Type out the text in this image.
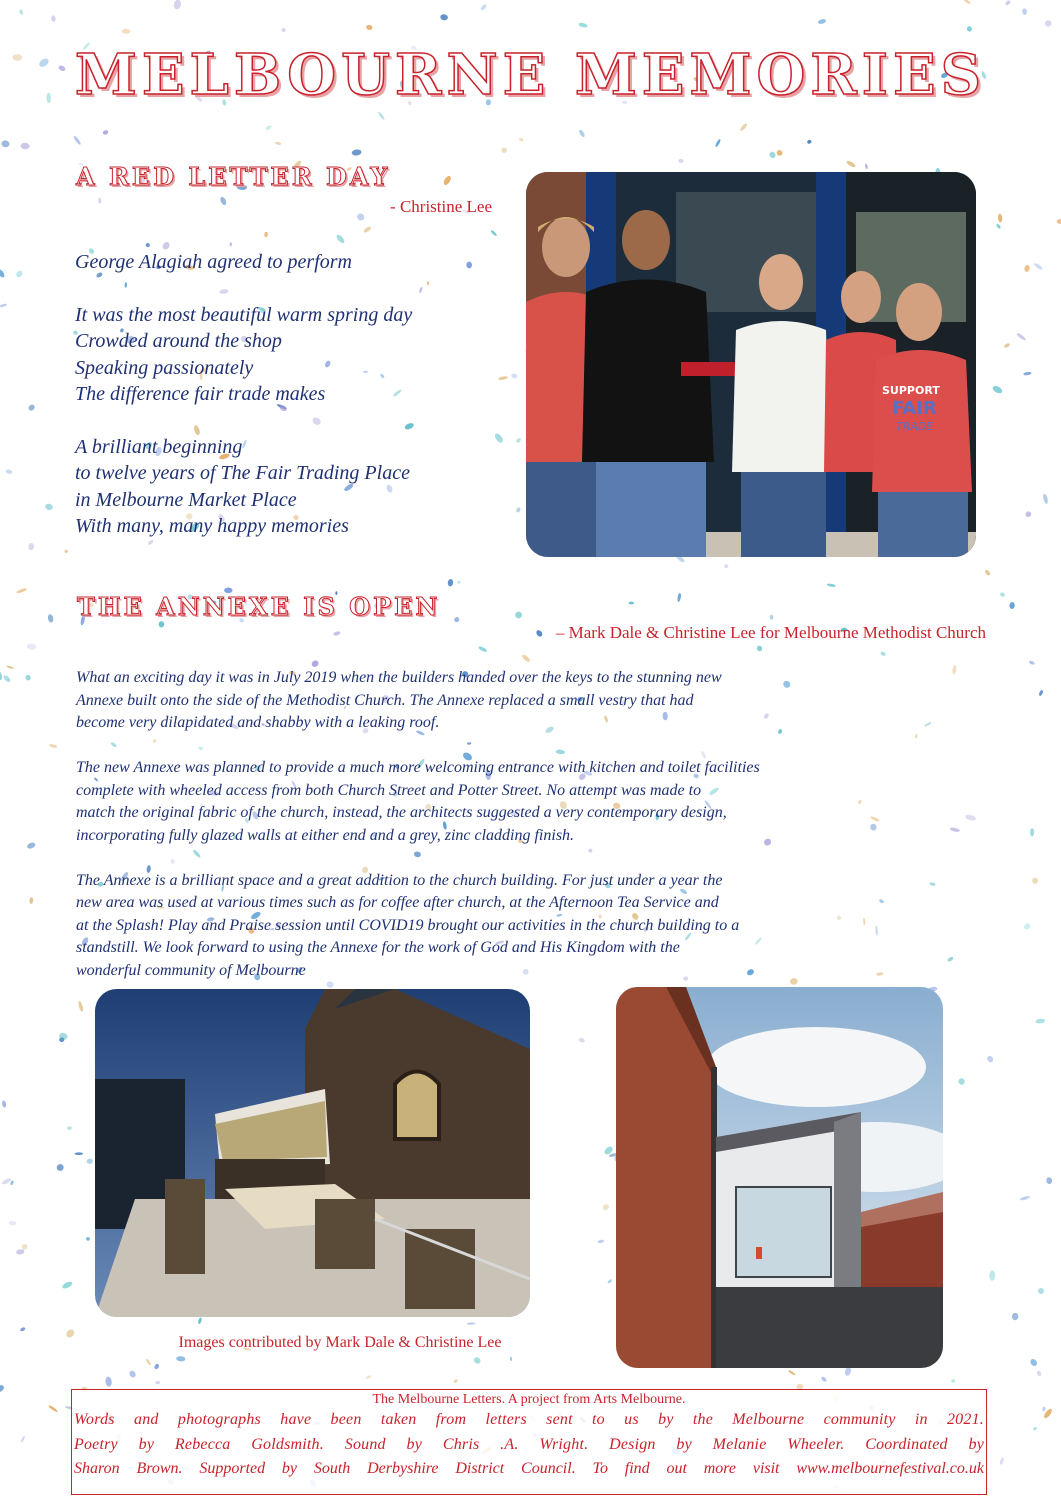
MELBOURNE MEMORIES
A RED LETTER DAY
- Christine Lee
George Alagiah agreed to perform
It was the most beautiful warm spring day
Crowded around the shop
Speaking passionately
The difference fair trade makes
A brilliant beginning
to twelve years of The Fair Trading Place
in Melbourne Market Place
With many, many happy memories
SUPPORT
FAIR
TRADE
THE ANNEXE IS OPEN
– Mark Dale & Christine Lee for Melbourne Methodist Church
What an exciting day it was in July 2019 when the builders handed over the keys to the stunning new
Annexe built onto the side of the Methodist Church. The Annexe replaced a small vestry that had
become very dilapidated and shabby with a leaking roof.
The new Annexe was planned to provide a much more welcoming entrance with kitchen and toilet facilities
complete with wheeled access from both Church Street and Potter Street. No attempt was made to
match the original fabric of the church, instead, the architects suggested a very contemporary design,
incorporating fully glazed walls at either end and a grey, zinc cladding finish.
The Annexe is a brilliant space and a great addition to the church building. For just under a year the
new area was used at various times such as for coffee after church, at the Afternoon Tea Service and
at the Splash! Play and Praise session until COVID19 brought our activities in the church building to a
standstill. We look forward to using the Annexe for the work of God and His Kingdom with the
wonderful community of Melbourne
Images contributed by Mark Dale & Christine Lee
The Melbourne Letters. A project from Arts Melbourne.
Words and photographs have been taken from letters sent to us by the Melbourne community in 2021.
Poetry by Rebecca Goldsmith. Sound by Chris .A. Wright. Design by Melanie Wheeler. Coordinated by
Sharon Brown. Supported by South Derbyshire District Council. To find out more visit www.melbournefestival.co.uk
